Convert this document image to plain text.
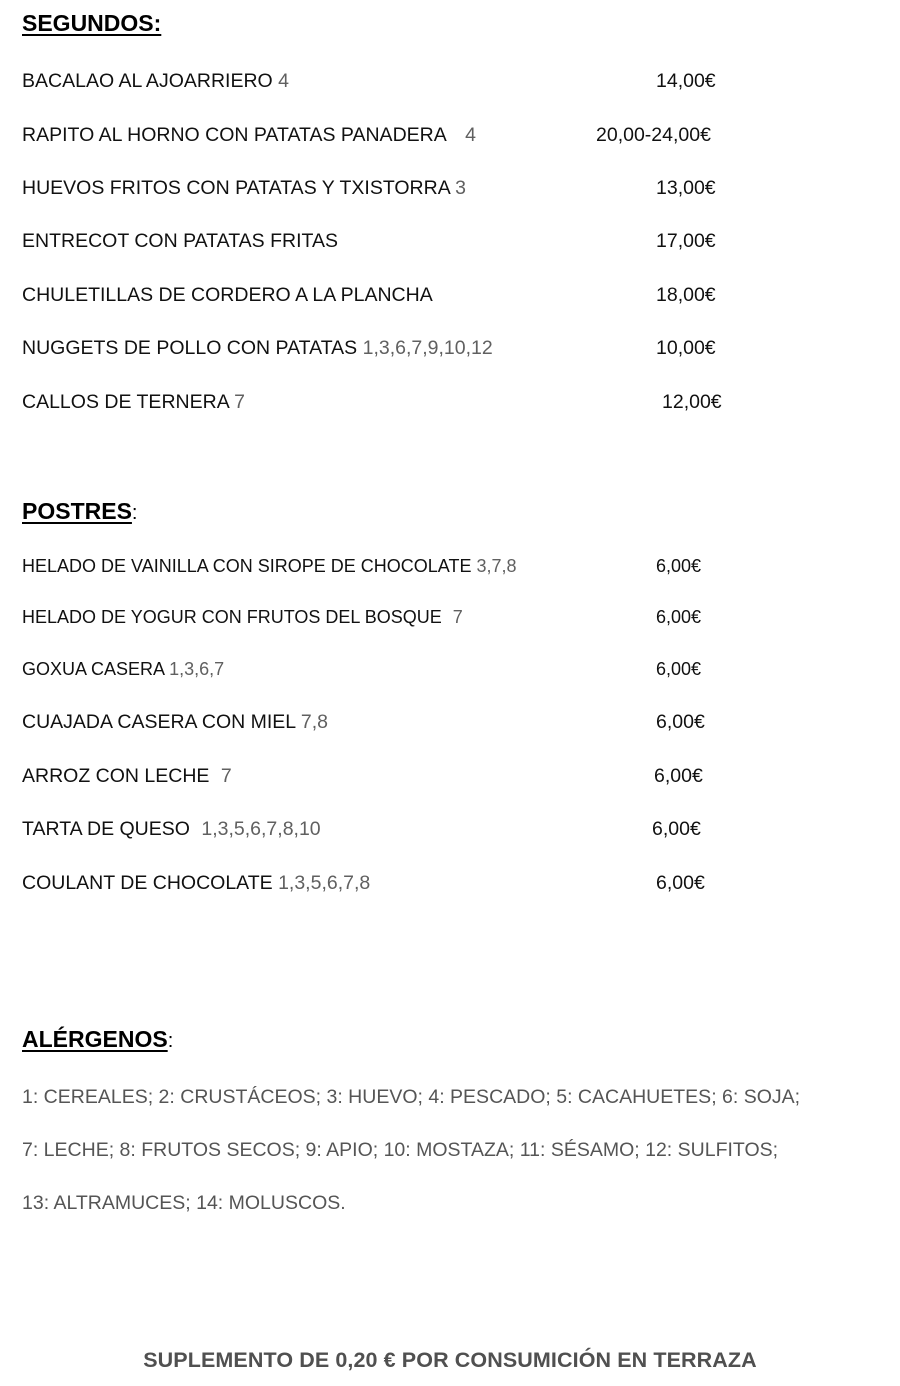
SEGUNDOS:
BACALAO AL AJOARRIERO 4	14,00€
RAPITO AL HORNO CON PATATAS PANADERA 4	20,00-24,00€
HUEVOS FRITOS CON PATATAS Y TXISTORRA 3	13,00€
ENTRECOT CON PATATAS FRITAS	17,00€
CHULETILLAS DE CORDERO A LA PLANCHA	18,00€
NUGGETS DE POLLO CON PATATAS 1,3,6,7,9,10,12	10,00€
CALLOS DE TERNERA 7	12,00€
POSTRES:
HELADO DE VAINILLA CON SIROPE DE CHOCOLATE 3,7,8	6,00€
HELADO DE YOGUR CON FRUTOS DEL BOSQUE 7	6,00€
GOXUA CASERA 1,3,6,7	6,00€
CUAJADA CASERA CON MIEL 7,8	6,00€
ARROZ CON LECHE 7	6,00€
TARTA DE QUESO 1,3,5,6,7,8,10	6,00€
COULANT DE CHOCOLATE 1,3,5,6,7,8	6,00€
ALÉRGENOS:
1: CEREALES; 2: CRUSTÁCEOS; 3: HUEVO; 4: PESCADO; 5: CACAHUETES; 6: SOJA;
7: LECHE; 8: FRUTOS SECOS; 9: APIO; 10: MOSTAZA; 11: SÉSAMO; 12: SULFITOS;
13: ALTRAMUCES; 14: MOLUSCOS.
SUPLEMENTO DE 0,20 € POR CONSUMICIÓN EN TERRAZA
